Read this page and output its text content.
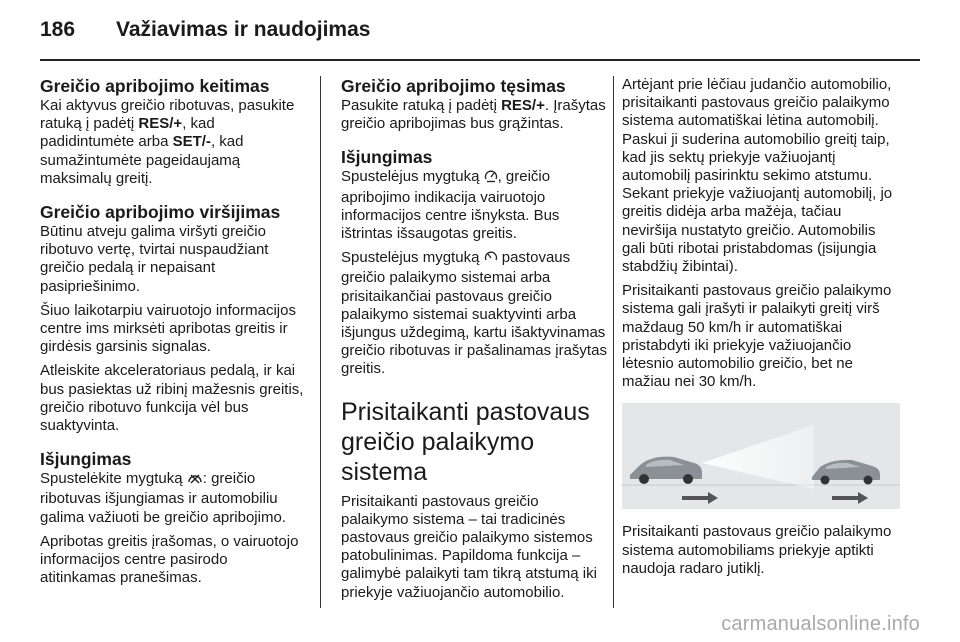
186	Važiavimas ir naudojimas
Greičio apribojimo keitimas

Kai aktyvus greičio ribotuvas, pasukite ratuką į padėtį RES/+, kad padidintumėte arba SET/-, kad sumažintumėte pageidaujamą maksimalų greitį.

Greičio apribojimo viršijimas

Būtinu atveju galima viršyti greičio ribotuvo vertę, tvirtai nuspaudžiant greičio pedalą ir nepaisant pasipriešinimo.

Šiuo laikotarpiu vairuotojo informacijos centre ims mirksėti apribotas greitis ir girdėsis garsinis signalas.

Atleiskite akceleratoriaus pedalą, ir kai bus pasiektas už ribinį mažesnis greitis, greičio ribotuvo funkcija vėl bus suaktyvinta.

Išjungimas

Spustelėkite mygtuką : greičio ribotuvas išjungiamas ir automobiliu galima važiuoti be greičio apribojimo.

Apribotas greitis įrašomas, o vairuotojo informacijos centre pasirodo atitinkamas pranešimas.

Greičio apribojimo tęsimas

Pasukite ratuką į padėtį RES/+. Įrašytas greičio apribojimas bus grąžintas.

Išjungimas

Spustelėjus mygtuką , greičio apribojimo indikacija vairuotojo informacijos centre išnyksta. Bus ištrintas išsaugotas greitis.

Spustelėjus mygtuką  pastovaus greičio palaikymo sistemai arba prisitaikančiai pastovaus greičio palaikymo sistemai suaktyvinti arba išjungus uždegimą, kartu išaktyvinamas greičio ribotuvas ir pašalinamas įrašytas greitis.

Prisitaikanti pastovaus greičio palaikymo sistema

Prisitaikanti pastovaus greičio palaikymo sistema – tai tradicinės pastovaus greičio palaikymo sistemos patobulinimas. Papildoma funkcija – galimybė palaikyti tam tikrą atstumą iki priekyje važiuojančio automobilio.

Artėjant prie lėčiau judančio automobilio, prisitaikanti pastovaus greičio palaikymo sistema automatiškai lėtina automobilį. Paskui ji suderina automobilio greitį taip, kad jis sektų priekyje važiuojantį automobilį pasirinktu sekimo atstumu. Sekant priekyje važiuojantį automobilį, jo greitis didėja arba mažėja, tačiau neviršija nustatyto greičio. Automobilis gali būti ribotai pristabdomas (įsijungia stabdžių žibintai).

Prisitaikanti pastovaus greičio palaikymo sistema gali įrašyti ir palaikyti greitį virš maždaug 50 km/h ir automatiškai pristabdyti iki priekyje važiuojančio lėtesnio automobilio greičio, bet ne mažiau nei 30 km/h.

Prisitaikanti pastovaus greičio palaikymo sistema automobiliams priekyje aptikti naudoja radaro jutiklį.

carmanualsonline.info
